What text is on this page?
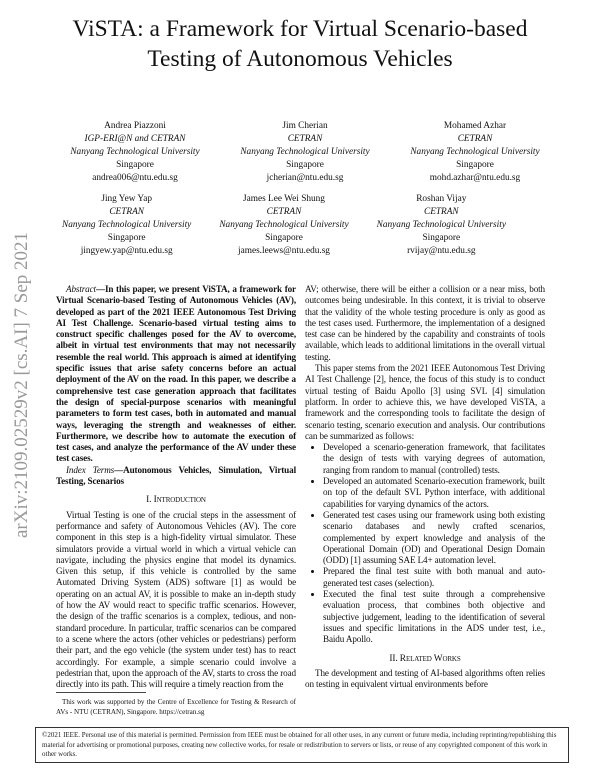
ViSTA: a Framework for Virtual Scenario-based
Testing of Autonomous Vehicles
Andrea Piazzoni
IGP-ERI@N and CETRAN
Nanyang Technological University
Singapore
andrea006@ntu.edu.sg
Jim Cherian
CETRAN
Nanyang Technological University
Singapore
jcherian@ntu.edu.sg
Mohamed Azhar
CETRAN
Nanyang Technological University
Singapore
mohd.azhar@ntu.edu.sg
Jing Yew Yap
CETRAN
Nanyang Technological University
Singapore
jingyew.yap@ntu.edu.sg
James Lee Wei Shung
CETRAN
Nanyang Technological University
Singapore
james.leews@ntu.edu.sg
Roshan Vijay
CETRAN
Nanyang Technological University
Singapore
rvijay@ntu.edu.sg
arXiv:2109.02529v2 [cs.AI] 7 Sep 2021	Abstract—In this paper, we present ViSTA, a framework for Virtual Scenario-based Testing of Autonomous Vehicles (AV), developed as part of the 2021 IEEE Autonomous Test Driving AI Test Challenge. Scenario-based virtual testing aims to construct specific challenges posed for the AV to overcome, albeit in virtual test environments that may not necessarily resemble the real world. This approach is aimed at identifying specific issues that arise safety concerns before an actual deployment of the AV on the road. In this paper, we describe a comprehensive test case generation approach that facilitates the design of special-purpose scenarios with meaningful parameters to form test cases, both in automated and manual ways, leveraging the strength and weaknesses of either. Furthermore, we describe how to automate the execution of test cases, and analyze the performance of the AV under these test cases.

Index Terms—Autonomous Vehicles, Simulation, Virtual Testing, Scenarios

I. Introduction

Virtual Testing is one of the crucial steps in the assessment of performance and safety of Autonomous Vehicles (AV). The core component in this step is a high-fidelity virtual simulator. These simulators provide a virtual world in which a virtual vehicle can navigate, including the physics engine that model its dynamics. Given this setup, if this vehicle is controlled by the same Automated Driving System (ADS) software [1] as would be operating on an actual AV, it is possible to make an in-depth study of how the AV would react to specific traffic scenarios. However, the design of the traffic scenarios is a complex, tedious, and non-standard procedure. In particular, traffic scenarios can be compared to a scene where the actors (other vehicles or pedestrians) perform their part, and the ego vehicle (the system under test) has to react accordingly. For example, a simple scenario could involve a pedestrian that, upon the approach of the AV, starts to cross the road directly into its path. This will require a timely reaction from the

This work was supported by the Centre of Excellence for Testing & Research of AVs - NTU (CETRAN), Singapore. https://cetran.sg

AV; otherwise, there will be either a collision or a near miss, both outcomes being undesirable. In this context, it is trivial to observe that the validity of the whole testing procedure is only as good as the test cases used. Furthermore, the implementation of a designed test case can be hindered by the capability and constraints of tools available, which leads to additional limitations in the overall virtual testing.

This paper stems from the 2021 IEEE Autonomous Test Driving AI Test Challenge [2], hence, the focus of this study is to conduct virtual testing of Baidu Apollo [3] using SVL [4] simulation platform. In order to achieve this, we have developed ViSTA, a framework and the corresponding tools to facilitate the design of scenario testing, scenario execution and analysis. Our contributions can be summarized as follows:

• Developed a scenario-generation framework, that facilitates the design of tests with varying degrees of automation, ranging from random to manual (controlled) tests.
• Developed an automated Scenario-execution framework, built on top of the default SVL Python interface, with additional capabilities for varying dynamics of the actors.
• Generated test cases using our framework using both existing scenario databases and newly crafted scenarios, complemented by expert knowledge and analysis of the Operational Domain (OD) and Operational Design Domain (ODD) [1] assuming SAE L4+ automation level.
• Prepared the final test suite with both manual and auto-generated test cases (selection).
• Executed the final test suite through a comprehensive evaluation process, that combines both objective and subjective judgement, leading to the identification of several issues and specific limitations in the ADS under test, i.e., Baidu Apollo.
II. Related Works

The development and testing of AI-based algorithms often relies on testing in equivalent virtual environments before

©2021 IEEE. Personal use of this material is permitted. Permission from IEEE must be obtained for all other uses, in any current or future media, including reprinting/republishing this material for advertising or promotional purposes, creating new collective works, for resale or redistribution to servers or lists, or reuse of any copyrighted component of this work in other works.
